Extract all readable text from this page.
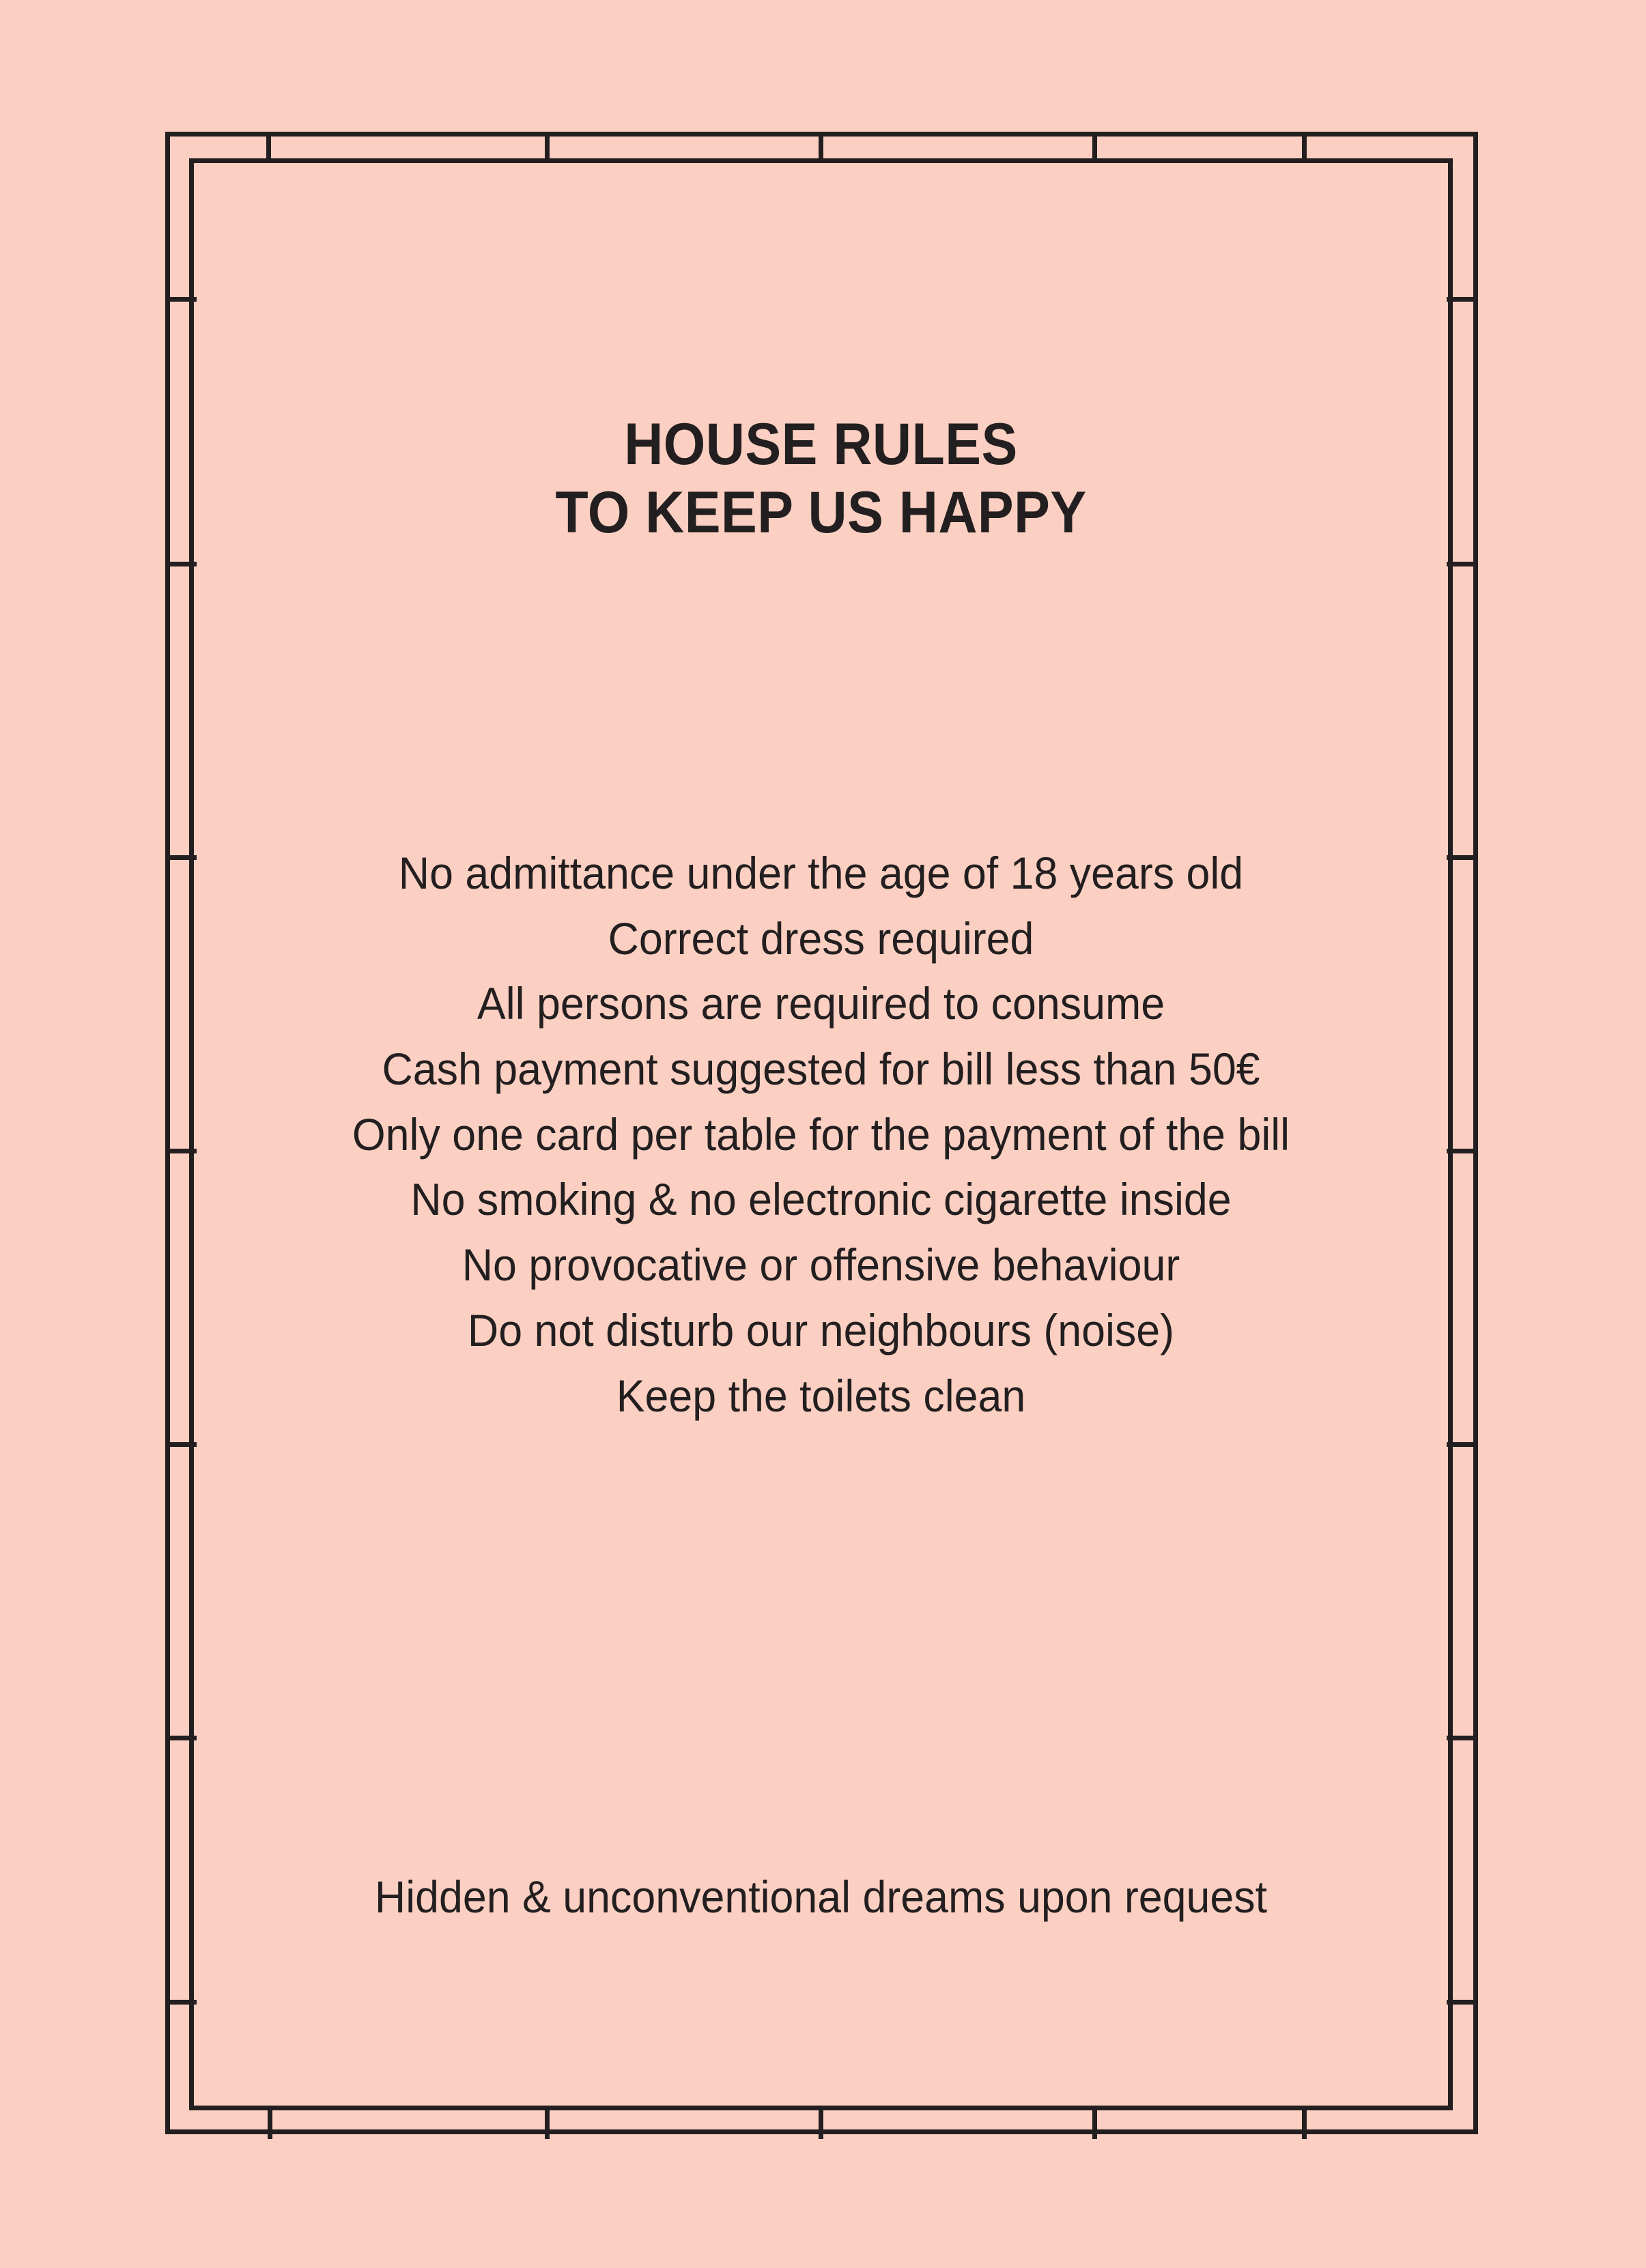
HOUSE RULES
TO KEEP US HAPPY
No admittance under the age of 18 years old
Correct dress required
All persons are required to consume
Cash payment suggested for bill less than 50€
Only one card per table for the payment of the bill
No smoking & no electronic cigarette inside
No provocative or offensive behaviour
Do not disturb our neighbours (noise)
Keep the toilets clean
Hidden & unconventional dreams upon request
